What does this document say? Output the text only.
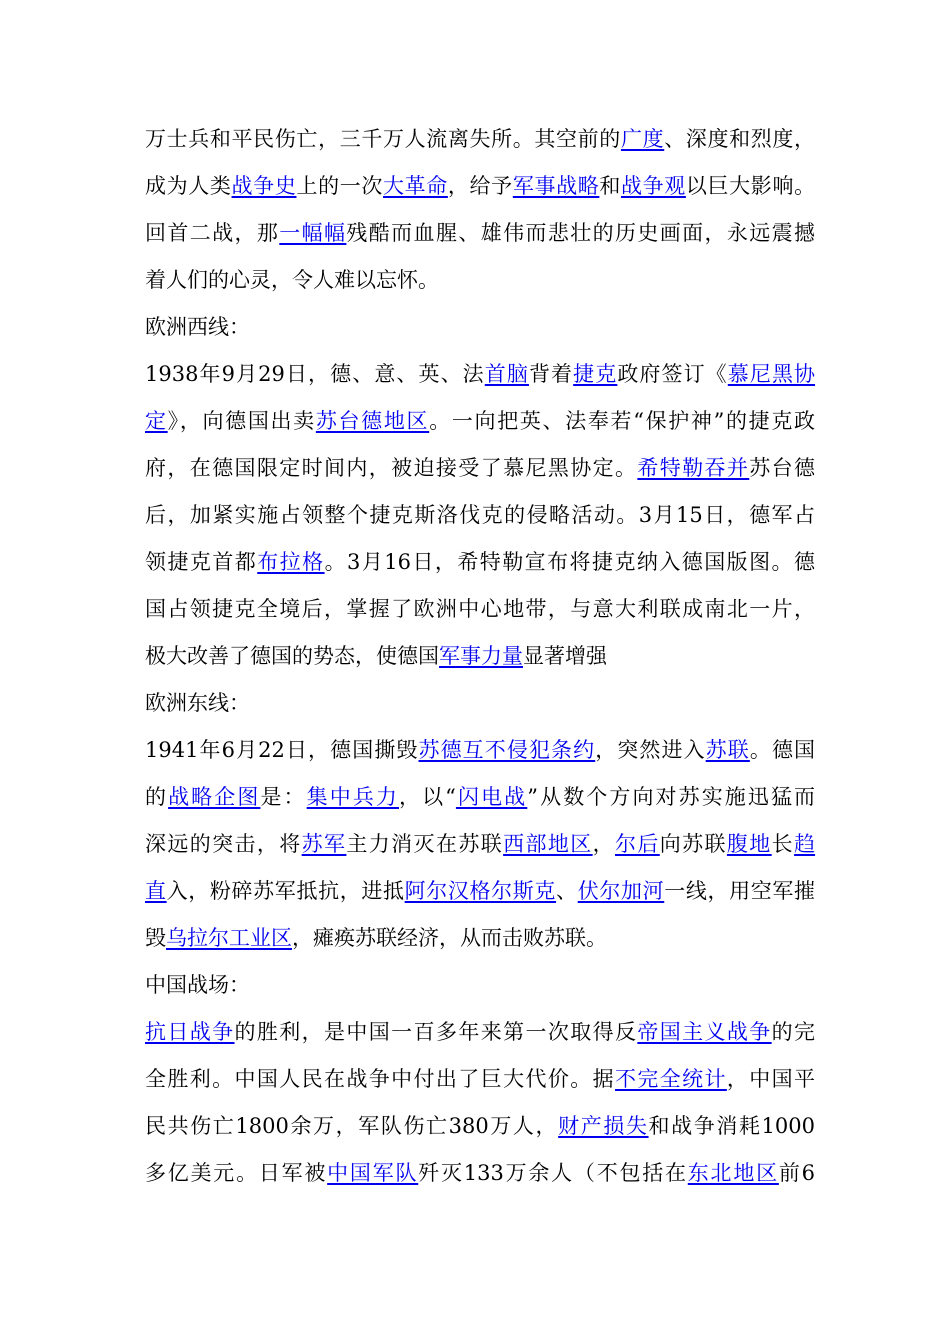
万士兵和平民伤亡，三千万人流离失所。其空前的广度、深度和烈度，
成为人类战争史上的一次大革命，给予军事战略和战争观以巨大影响。
回首二战，那一幅幅残酷而血腥、雄伟而悲壮的历史画面，永远震撼
着人们的心灵，令人难以忘怀。
欧洲西线：
1938年9月29日，德、意、英、法首脑背着捷克政府签订《慕尼黑协
定》，向德国出卖苏台德地区。一向把英、法奉若“保护神”的捷克政
府，在德国限定时间内，被迫接受了慕尼黑协定。希特勒吞并苏台德
后，加紧实施占领整个捷克斯洛伐克的侵略活动。3月15日，德军占
领捷克首都布拉格。3月16日，希特勒宣布将捷克纳入德国版图。德
国占领捷克全境后，掌握了欧洲中心地带，与意大利联成南北一片，
极大改善了德国的势态，使德国军事力量显著增强
欧洲东线：
1941年6月22日，德国撕毁苏德互不侵犯条约，突然进入苏联。德国
的战略企图是：集中兵力，以“闪电战”从数个方向对苏实施迅猛而
深远的突击，将苏军主力消灭在苏联西部地区，尔后向苏联腹地长趋
直入，粉碎苏军抵抗，进抵阿尔汉格尔斯克、伏尔加河一线，用空军摧
毁乌拉尔工业区，瘫痪苏联经济，从而击败苏联。
中国战场：
抗日战争的胜利，是中国一百多年来第一次取得反帝国主义战争的完
全胜利。中国人民在战争中付出了巨大代价。据不完全统计，中国平
民共伤亡1800余万，军队伤亡380万人，财产损失和战争消耗1000
多亿美元。日军被中国军队歼灭133万余人（不包括在东北地区前6
